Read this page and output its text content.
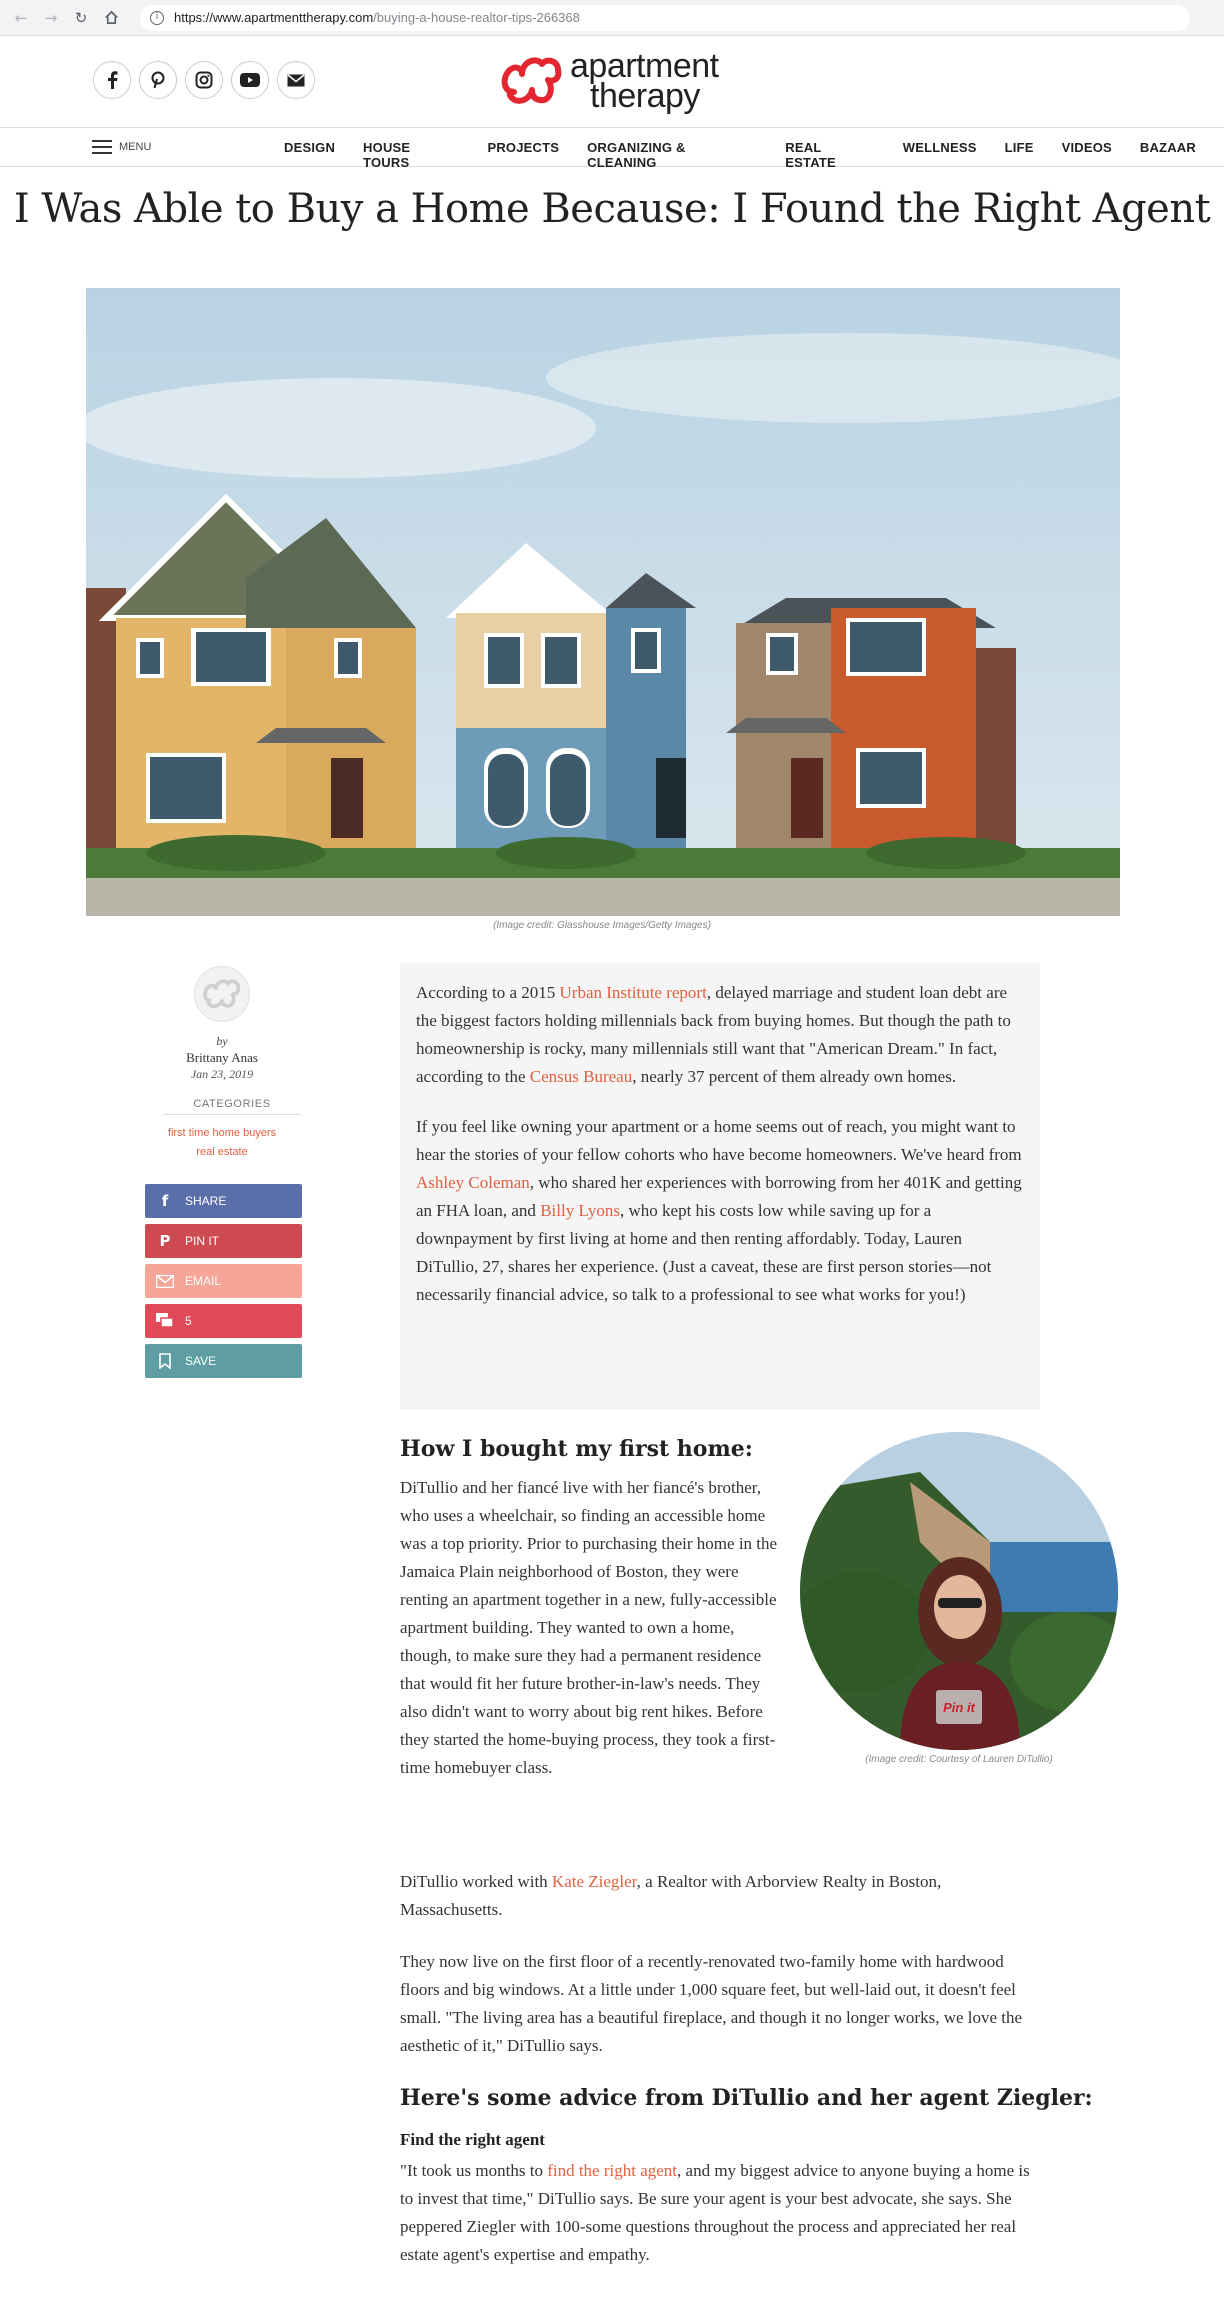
←	→	↻	i	https://www.apartmenttherapy.com /buying-a-house-realtor-tips-266368
apartment
therapy
MENU	DESIGN HOUSE TOURS
PROJECTS ORGANIZING & CLEANING
REAL ESTATE
WELLNESS LIFE VIDEOS BAZAAR
I Was Able to Buy a Home Because: I Found the Right Agent
(Image credit: Glasshouse Images/Getty Images)
by
Brittany Anas
Jan 23, 2019
CATEGORIES
first time home buyers
real estate
f	SHARE
P	PIN IT
EMAIL
5
SAVE

According to a 2015 Urban Institute report, delayed marriage and student loan debt are the biggest factors holding millennials back from buying homes. But though the path to homeownership is rocky, many millennials still want that "American Dream." In fact, according to the Census Bureau, nearly 37 percent of them already own homes.

If you feel like owning your apartment or a home seems out of reach, you might want to hear the stories of your fellow cohorts who have become homeowners. We've heard from Ashley Coleman, who shared her experiences with borrowing from her 401K and getting an FHA loan, and Billy Lyons, who kept his costs low while saving up for a downpayment by first living at home and then renting affordably. Today, Lauren DiTullio, 27, shares her experience. (Just a caveat, these are first person stories—not necessarily financial advice, so talk to a professional to see what works for you!)

How I bought my first home:
Pin it
(Image credit: Courtesy of Lauren DiTullio)
DiTullio and her fiancé live with her fiancé's brother, who uses a wheelchair, so finding an accessible home was a top priority. Prior to purchasing their home in the Jamaica Plain neighborhood of Boston, they were renting an apartment together in a new, fully-accessible apartment building. They wanted to own a home, though, to make sure they had a permanent residence that would fit her future brother-in-law's needs. They also didn't want to worry about big rent hikes. Before they started the home-buying process, they took a first-time homebuyer class.
DiTullio worked with Kate Ziegler, a Realtor with Arborview Realty in Boston, Massachusetts.
They now live on the first floor of a recently-renovated two-family home with hardwood floors and big windows. At a little under 1,000 square feet, but well-laid out, it doesn't feel small. "The living area has a beautiful fireplace, and though it no longer works, we love the aesthetic of it," DiTullio says.
Here's some advice from DiTullio and her agent Ziegler:
Find the right agent
"It took us months to find the right agent, and my biggest advice to anyone buying a home is to invest that time," DiTullio says. Be sure your agent is your best advocate, she says. She peppered Ziegler with 100-some questions throughout the process and appreciated her real estate agent's expertise and empathy.
